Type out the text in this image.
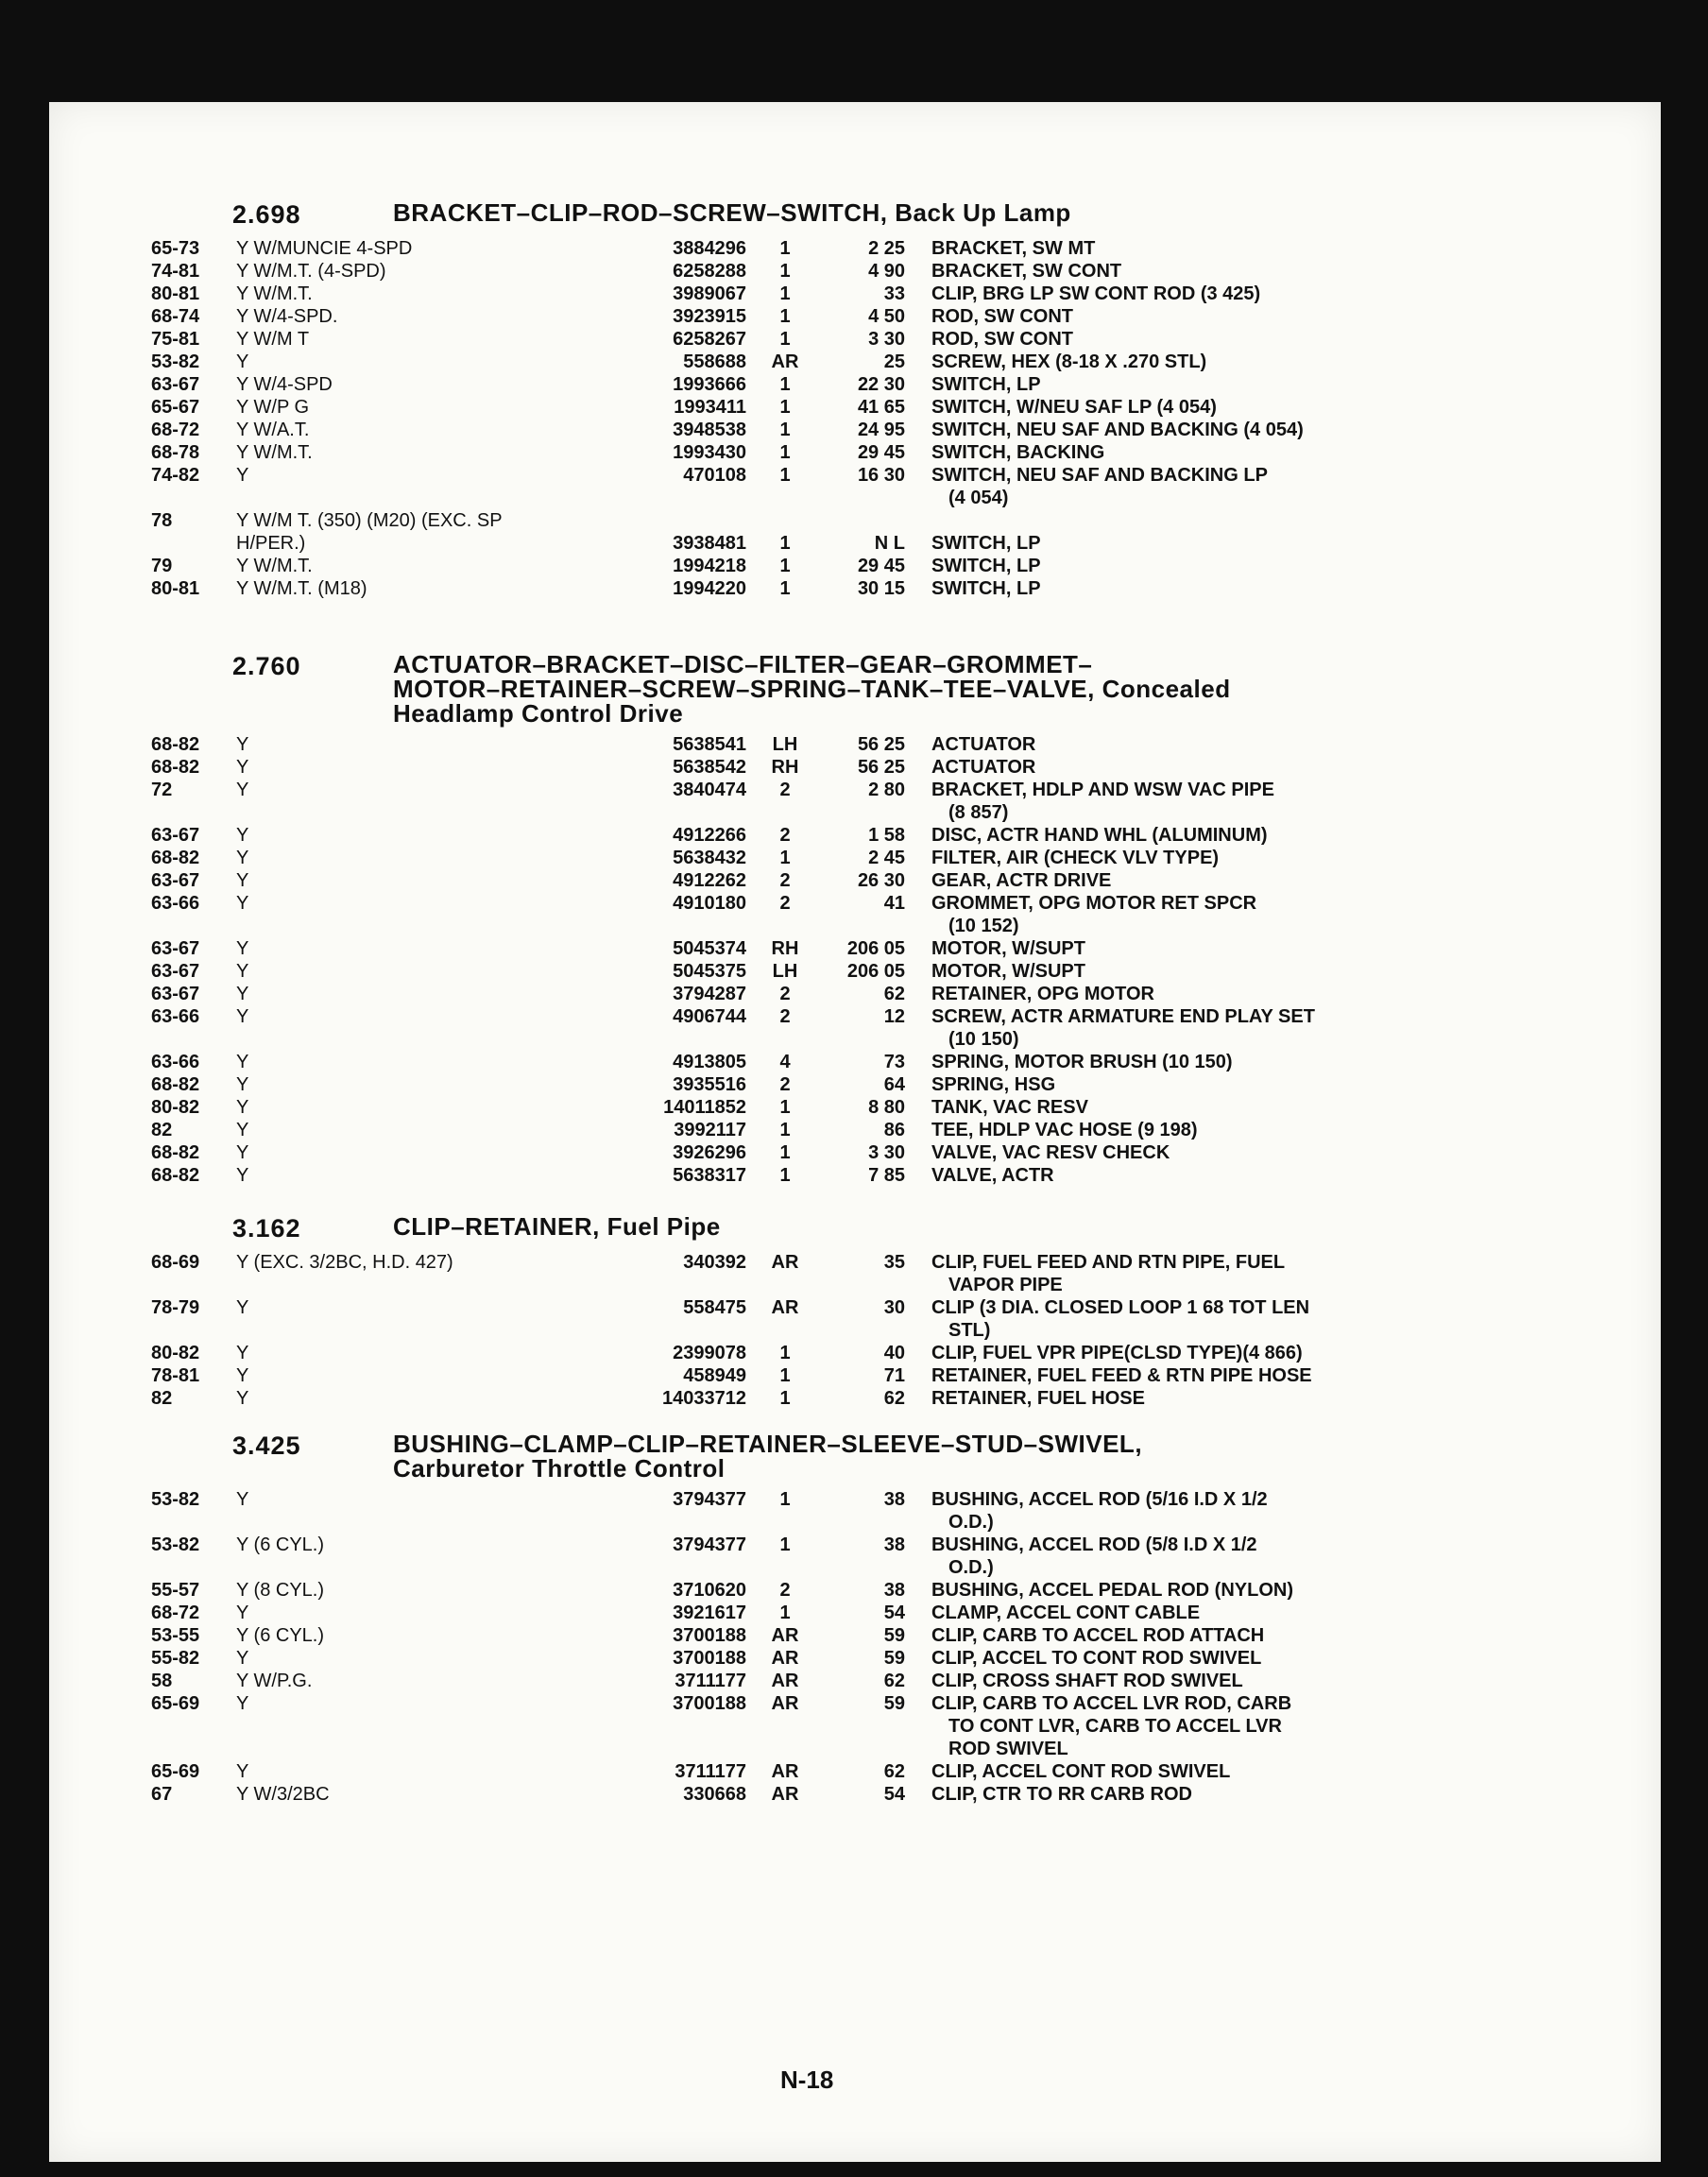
2.698	BRACKET–CLIP–ROD–SCREW–SWITCH, Back Up Lamp
65-73	Y W/MUNCIE 4-SPD	3884296	1	2 25	BRACKET, SW MT
74-81	Y W/M.T. (4-SPD)	6258288	1	4 90	BRACKET, SW CONT
80-81	Y W/M.T.	3989067	1	33	CLIP, BRG LP SW CONT ROD (3 425)
68-74	Y W/4-SPD.	3923915	1	4 50	ROD, SW CONT
75-81	Y W/M T	6258267	1	3 30	ROD, SW CONT
53-82	Y	558688	AR	25	SCREW, HEX (8-18 X .270 STL)
63-67	Y W/4-SPD	1993666	1	22 30	SWITCH, LP
65-67	Y W/P G	1993411	1	41 65	SWITCH, W/NEU SAF LP (4 054)
68-72	Y W/A.T.	3948538	1	24 95	SWITCH, NEU SAF AND BACKING (4 054)
68-78	Y W/M.T.	1993430	1	29 45	SWITCH, BACKING
74-82	Y	470108	1	16 30	SWITCH, NEU SAF AND BACKING LP
(4 054)
78	Y W/M T. (350) (M20) (EXC. SP
H/PER.)	3938481	1	N L	SWITCH, LP
79	Y W/M.T.	1994218	1	29 45	SWITCH, LP
80-81	Y W/M.T. (M18)	1994220	1	30 15	SWITCH, LP
2.760	ACTUATOR–BRACKET–DISC–FILTER–GEAR–GROMMET–
MOTOR–RETAINER–SCREW–SPRING–TANK–TEE–VALVE, Concealed
Headlamp Control Drive
68-82	Y	5638541	LH	56 25	ACTUATOR
68-82	Y	5638542	RH	56 25	ACTUATOR
72	Y	3840474	2	2 80	BRACKET, HDLP AND WSW VAC PIPE
(8 857)
63-67	Y	4912266	2	1 58	DISC, ACTR HAND WHL (ALUMINUM)
68-82	Y	5638432	1	2 45	FILTER, AIR (CHECK VLV TYPE)
63-67	Y	4912262	2	26 30	GEAR, ACTR DRIVE
63-66	Y	4910180	2	41	GROMMET, OPG MOTOR RET SPCR
(10 152)
63-67	Y	5045374	RH	206 05	MOTOR, W/SUPT
63-67	Y	5045375	LH	206 05	MOTOR, W/SUPT
63-67	Y	3794287	2	62	RETAINER, OPG MOTOR
63-66	Y	4906744	2	12	SCREW, ACTR ARMATURE END PLAY SET
(10 150)
63-66	Y	4913805	4	73	SPRING, MOTOR BRUSH (10 150)
68-82	Y	3935516	2	64	SPRING, HSG
80-82	Y	14011852	1	8 80	TANK, VAC RESV
82	Y	3992117	1	86	TEE, HDLP VAC HOSE (9 198)
68-82	Y	3926296	1	3 30	VALVE, VAC RESV CHECK
68-82	Y	5638317	1	7 85	VALVE, ACTR
3.162	CLIP–RETAINER, Fuel Pipe
68-69	Y (EXC. 3/2BC, H.D. 427)	340392	AR	35	CLIP, FUEL FEED AND RTN PIPE, FUEL
VAPOR PIPE
78-79	Y	558475	AR	30	CLIP (3 DIA. CLOSED LOOP 1 68 TOT LEN
STL)
80-82	Y	2399078	1	40	CLIP, FUEL VPR PIPE(CLSD TYPE)(4 866)
78-81	Y	458949	1	71	RETAINER, FUEL FEED & RTN PIPE HOSE
82	Y	14033712	1	62	RETAINER, FUEL HOSE
3.425	BUSHING–CLAMP–CLIP–RETAINER–SLEEVE–STUD–SWIVEL,
Carburetor Throttle Control
53-82	Y	3794377	1	38	BUSHING, ACCEL ROD (5/16 I.D X 1/2
O.D.)
53-82	Y (6 CYL.)	3794377	1	38	BUSHING, ACCEL ROD (5/8 I.D X 1/2
O.D.)
55-57	Y (8 CYL.)	3710620	2	38	BUSHING, ACCEL PEDAL ROD (NYLON)
68-72	Y	3921617	1	54	CLAMP, ACCEL CONT CABLE
53-55	Y (6 CYL.)	3700188	AR	59	CLIP, CARB TO ACCEL ROD ATTACH
55-82	Y	3700188	AR	59	CLIP, ACCEL TO CONT ROD SWIVEL
58	Y W/P.G.	3711177	AR	62	CLIP, CROSS SHAFT ROD SWIVEL
65-69	Y	3700188	AR	59	CLIP, CARB TO ACCEL LVR ROD, CARB
TO CONT LVR, CARB TO ACCEL LVR
ROD SWIVEL
65-69	Y	3711177	AR	62	CLIP, ACCEL CONT ROD SWIVEL
67	Y W/3/2BC	330668	AR	54	CLIP, CTR TO RR CARB ROD
N-18
